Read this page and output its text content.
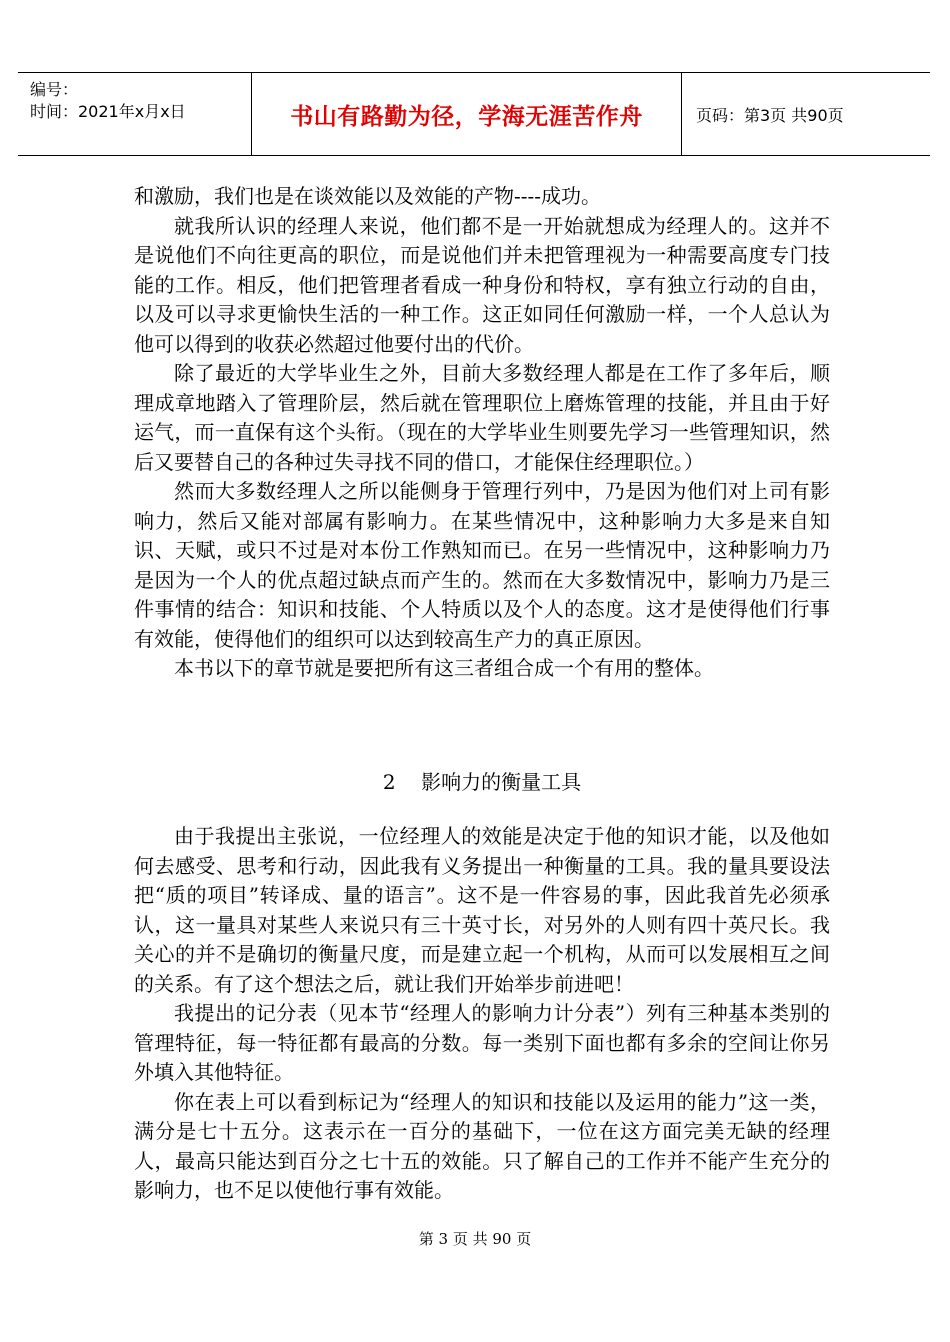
编号：
时间：2021年x月x日	书山有路勤为径，学海无涯苦作舟	页码：第3页 共90页

和激励，我们也是在谈效能以及效能的产物----成功。

就我所认识的经理人来说，他们都不是一开始就想成为经理人的。这并不是说他们不向往更高的职位，而是说他们并未把管理视为一种需要高度专门技能的工作。相反，他们把管理者看成一种身份和特权，享有独立行动的自由，以及可以寻求更愉快生活的一种工作。这正如同任何激励一样，一个人总认为他可以得到的收获必然超过他要付出的代价。

除了最近的大学毕业生之外，目前大多数经理人都是在工作了多年后，顺理成章地踏入了管理阶层，然后就在管理职位上磨炼管理的技能，并且由于好运气，而一直保有这个头衔。（现在的大学毕业生则要先学习一些管理知识，然后又要替自己的各种过失寻找不同的借口，才能保住经理职位。）

然而大多数经理人之所以能侧身于管理行列中，乃是因为他们对上司有影响力，然后又能对部属有影响力。在某些情况中，这种影响力大多是来自知识、天赋，或只不过是对本份工作熟知而已。在另一些情况中，这种影响力乃是因为一个人的优点超过缺点而产生的。然而在大多数情况中，影响力乃是三件事情的结合：知识和技能、个人特质以及个人的态度。这才是使得他们行事有效能，使得他们的组织可以达到较高生产力的真正原因。

本书以下的章节就是要把所有这三者组合成一个有用的整体。

2    影响力的衡量工具

由于我提出主张说，一位经理人的效能是决定于他的知识才能，以及他如何去感受、思考和行动，因此我有义务提出一种衡量的工具。我的量具要设法把“质的项目”转译成、量的语言”。这不是一件容易的事，因此我首先必须承认，这一量具对某些人来说只有三十英寸长，对另外的人则有四十英尺长。我关心的并不是确切的衡量尺度，而是建立起一个机构，从而可以发展相互之间的关系。有了这个想法之后，就让我们开始举步前进吧！

我提出的记分表（见本节“经理人的影响力计分表”）列有三种基本类别的管理特征，每一特征都有最高的分数。每一类别下面也都有多余的空间让你另外填入其他特征。

你在表上可以看到标记为“经理人的知识和技能以及运用的能力”这一类，满分是七十五分。这表示在一百分的基础下，一位在这方面完美无缺的经理人，最高只能达到百分之七十五的效能。只了解自己的工作并不能产生充分的影响力，也不足以使他行事有效能。

第 3 页 共 90 页
